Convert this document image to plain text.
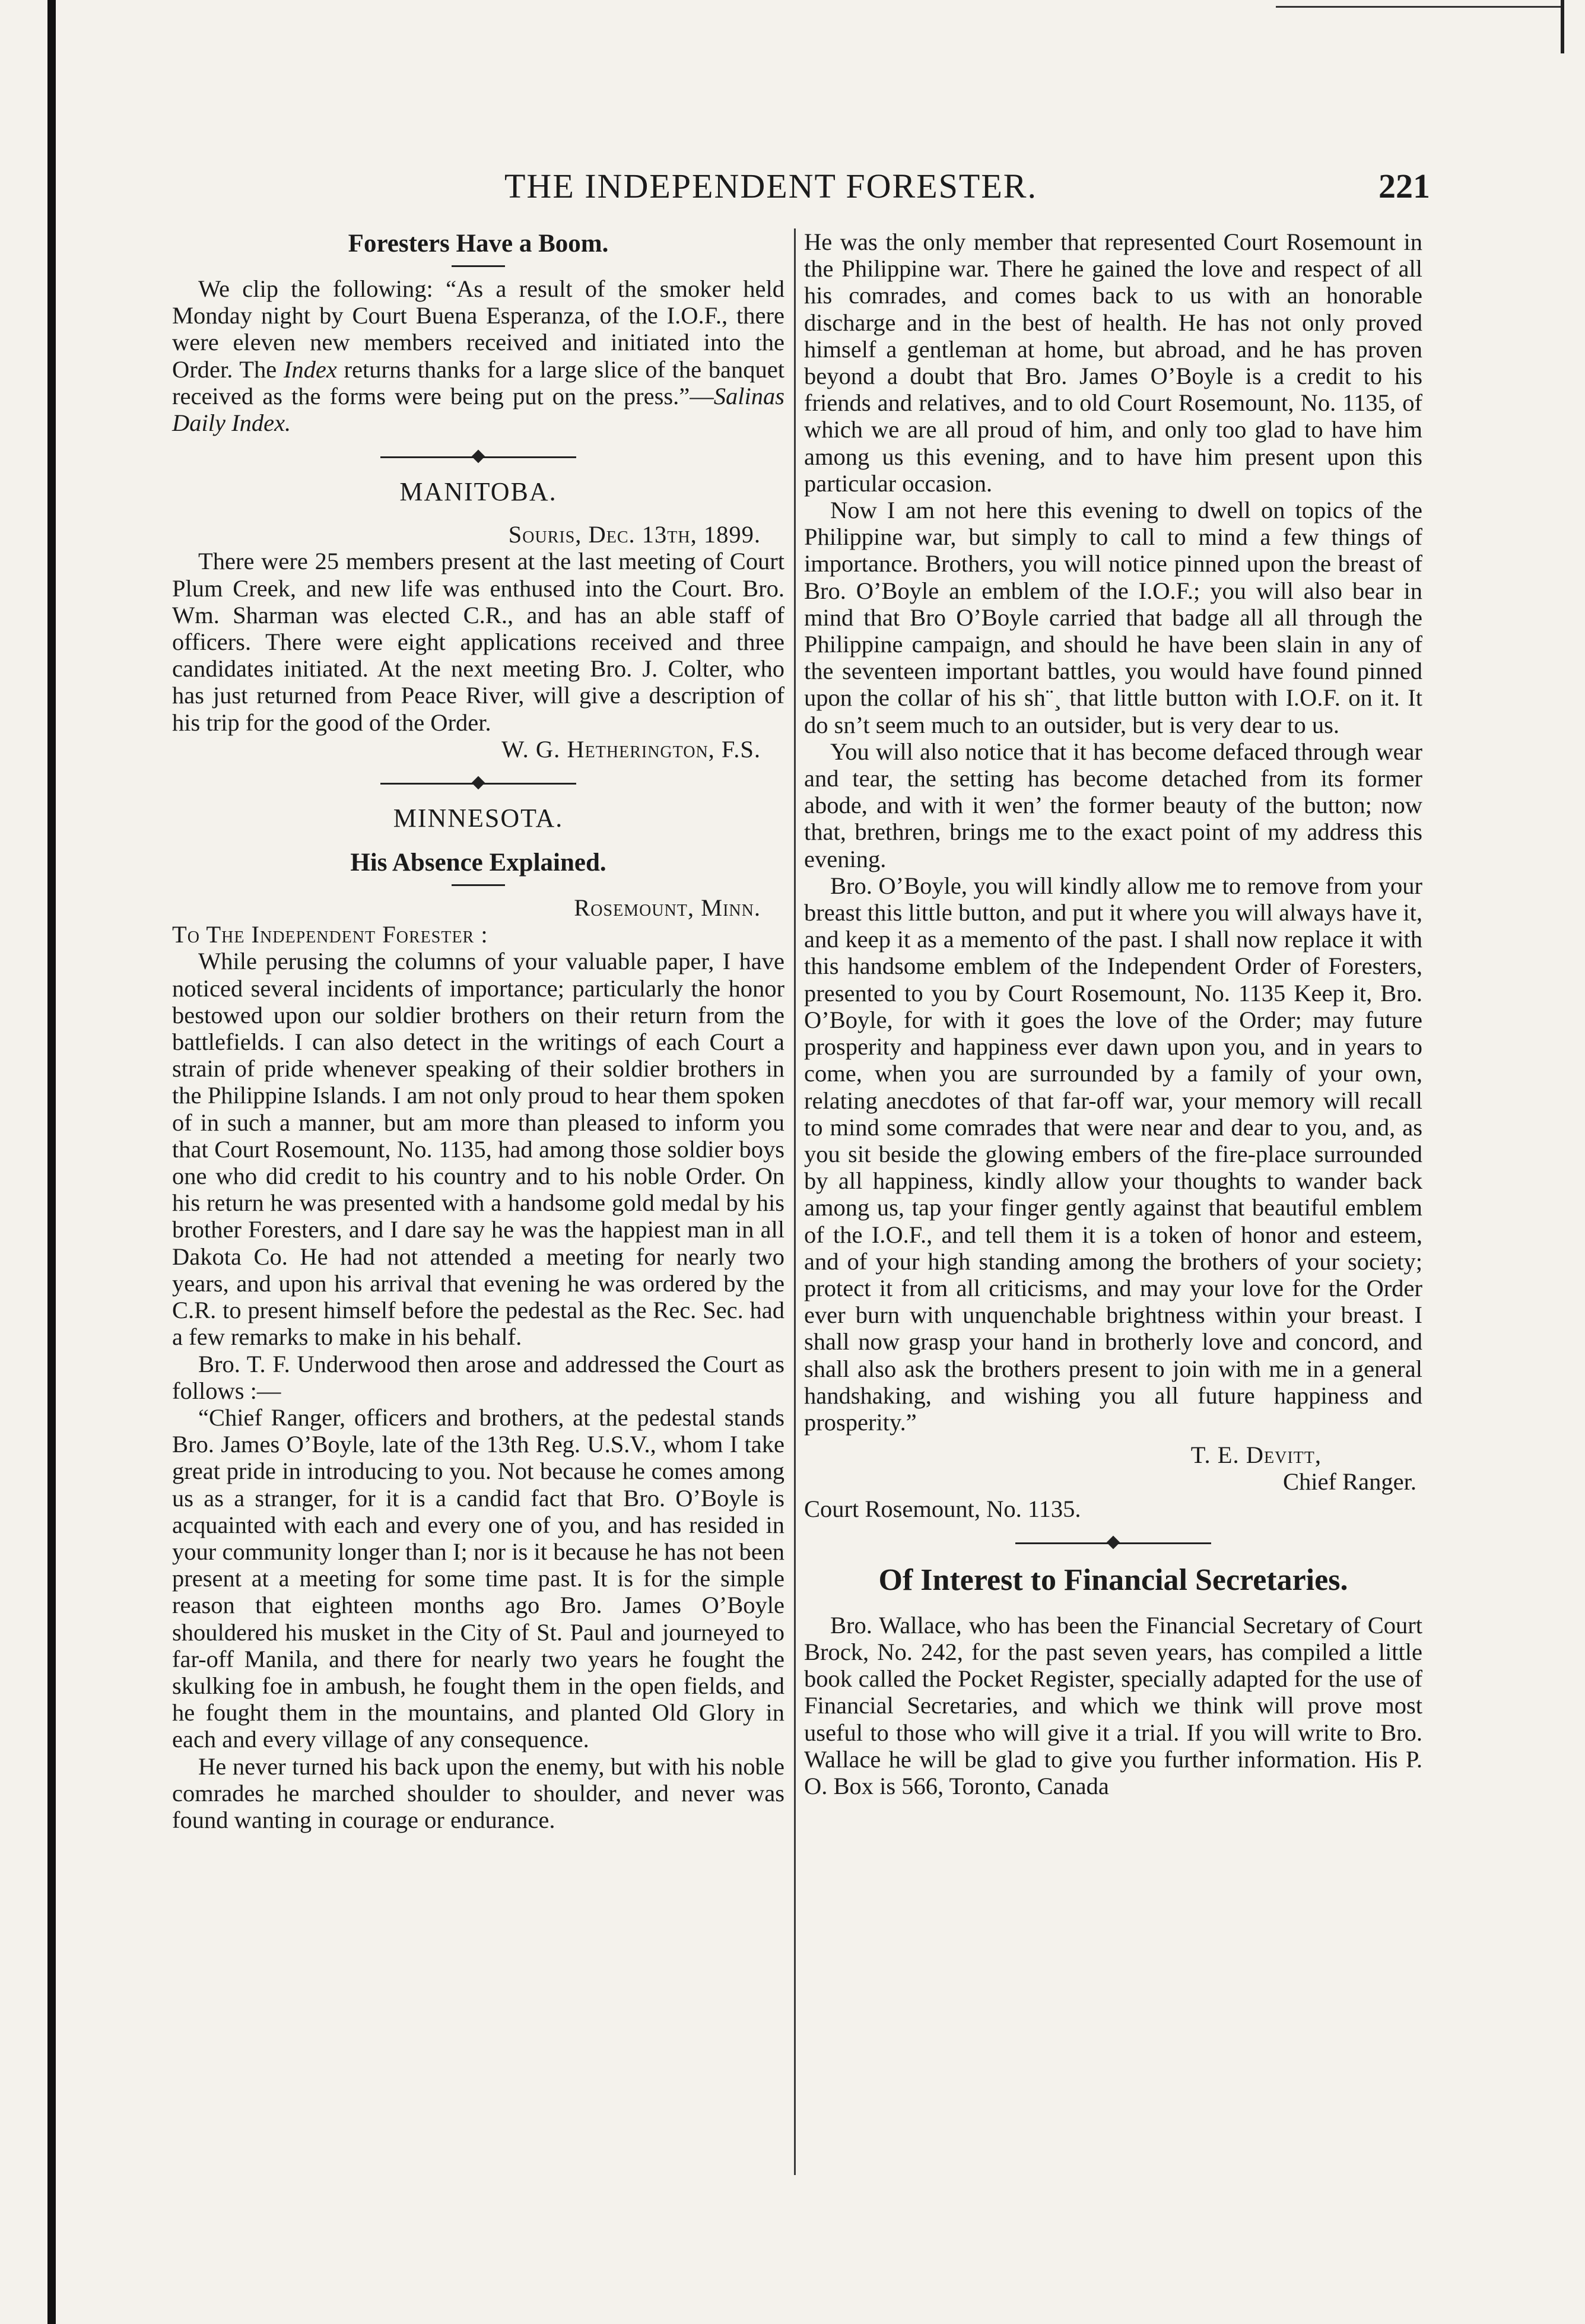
THE INDEPENDENT FORESTER.	221
Foresters Have a Boom.

We clip the following: “As a result of the smoker held Monday night by Court Buena Esperanza, of the I.O.F., there were eleven new members received and initiated into the Order. The Index returns thanks for a large slice of the banquet received as the forms were being put on the press.”—Salinas Daily Index.

MANITOBA.

Souris, Dec. 13th, 1899.

There were 25 members present at the last meeting of Court Plum Creek, and new life was enthused into the Court. Bro. Wm. Sharman was elected C.R., and has an able staff of officers. There were eight applications received and three candidates initiated. At the next meeting Bro. J. Colter, who has just returned from Peace River, will give a description of his trip for the good of the Order.

W. G. Hetherington, F.S.

MINNESOTA.
His Absence Explained.

Rosemount, Minn.

To The Independent Forester :

While perusing the columns of your valuable paper, I have noticed several incidents of importance; particularly the honor bestowed upon our soldier brothers on their return from the battlefields. I can also detect in the writings of each Court a strain of pride whenever speaking of their soldier brothers in the Philippine Islands. I am not only proud to hear them spoken of in such a manner, but am more than pleased to inform you that Court Rosemount, No. 1135, had among those soldier boys one who did credit to his country and to his noble Order. On his return he was presented with a handsome gold medal by his brother Foresters, and I dare say he was the happiest man in all Dakota Co. He had not attended a meeting for nearly two years, and upon his arrival that evening he was ordered by the C.R. to present himself before the pedestal as the Rec. Sec. had a few remarks to make in his behalf.

Bro. T. F. Underwood then arose and addressed the Court as follows :—

“Chief Ranger, officers and brothers, at the pedestal stands Bro. James O’Boyle, late of the 13th Reg. U.S.V., whom I take great pride in introducing to you. Not because he comes among us as a stranger, for it is a candid fact that Bro. O’Boyle is acquainted with each and every one of you, and has resided in your community longer than I; nor is it because he has not been present at a meeting for some time past. It is for the simple reason that eighteen months ago Bro. James O’Boyle shouldered his musket in the City of St. Paul and journeyed to far-off Manila, and there for nearly two years he fought the skulking foe in ambush, he fought them in the open fields, and he fought them in the mountains, and planted Old Glory in each and every village of any consequence.

He never turned his back upon the enemy, but with his noble comrades he marched shoulder to shoulder, and never was found wanting in courage or endurance.

He was the only member that represented Court Rosemount in the Philippine war. There he gained the love and respect of all his comrades, and comes back to us with an honorable discharge and in the best of health. He has not only proved himself a gentleman at home, but abroad, and he has proven beyond a doubt that Bro. James O’Boyle is a credit to his friends and relatives, and to old Court Rosemount, No. 1135, of which we are all proud of him, and only too glad to have him among us this evening, and to have him present upon this particular occasion.

Now I am not here this evening to dwell on topics of the Philippine war, but simply to call to mind a few things of importance. Brothers, you will notice pinned upon the breast of Bro. O’Boyle an emblem of the I.O.F.; you will also bear in mind that Bro O’Boyle carried that badge all all through the Philippine campaign, and should he have been slain in any of the seventeen important battles, you would have found pinned upon the collar of his sh¨¸ that little button with I.O.F. on it. It do sn’t seem much to an outsider, but is very dear to us.

You will also notice that it has become defaced through wear and tear, the setting has become detached from its former abode, and with it wen’ the former beauty of the button; now that, brethren, brings me to the exact point of my address this evening.

Bro. O’Boyle, you will kindly allow me to remove from your breast this little button, and put it where you will always have it, and keep it as a memento of the past. I shall now replace it with this handsome emblem of the Independent Order of Foresters, presented to you by Court Rosemount, No. 1135 Keep it, Bro. O’Boyle, for with it goes the love of the Order; may future prosperity and happiness ever dawn upon you, and in years to come, when you are surrounded by a family of your own, relating anecdotes of that far-off war, your memory will recall to mind some comrades that were near and dear to you, and, as you sit beside the glowing embers of the fire-place surrounded by all happiness, kindly allow your thoughts to wander back among us, tap your finger gently against that beautiful emblem of the I.O.F., and tell them it is a token of honor and esteem, and of your high standing among the brothers of your society; protect it from all criticisms, and may your love for the Order ever burn with unquenchable brightness within your breast. I shall now grasp your hand in brotherly love and concord, and shall also ask the brothers present to join with me in a general handshaking, and wishing you all future happiness and prosperity.”

T. E. Devitt,

Chief Ranger.

Court Rosemount, No. 1135.

Of Interest to Financial Secretaries.

Bro. Wallace, who has been the Financial Secretary of Court Brock, No. 242, for the past seven years, has compiled a little book called the Pocket Register, specially adapted for the use of Financial Secretaries, and which we think will prove most useful to those who will give it a trial. If you will write to Bro. Wallace he will be glad to give you further information. His P. O. Box is 566, Toronto, Canada
